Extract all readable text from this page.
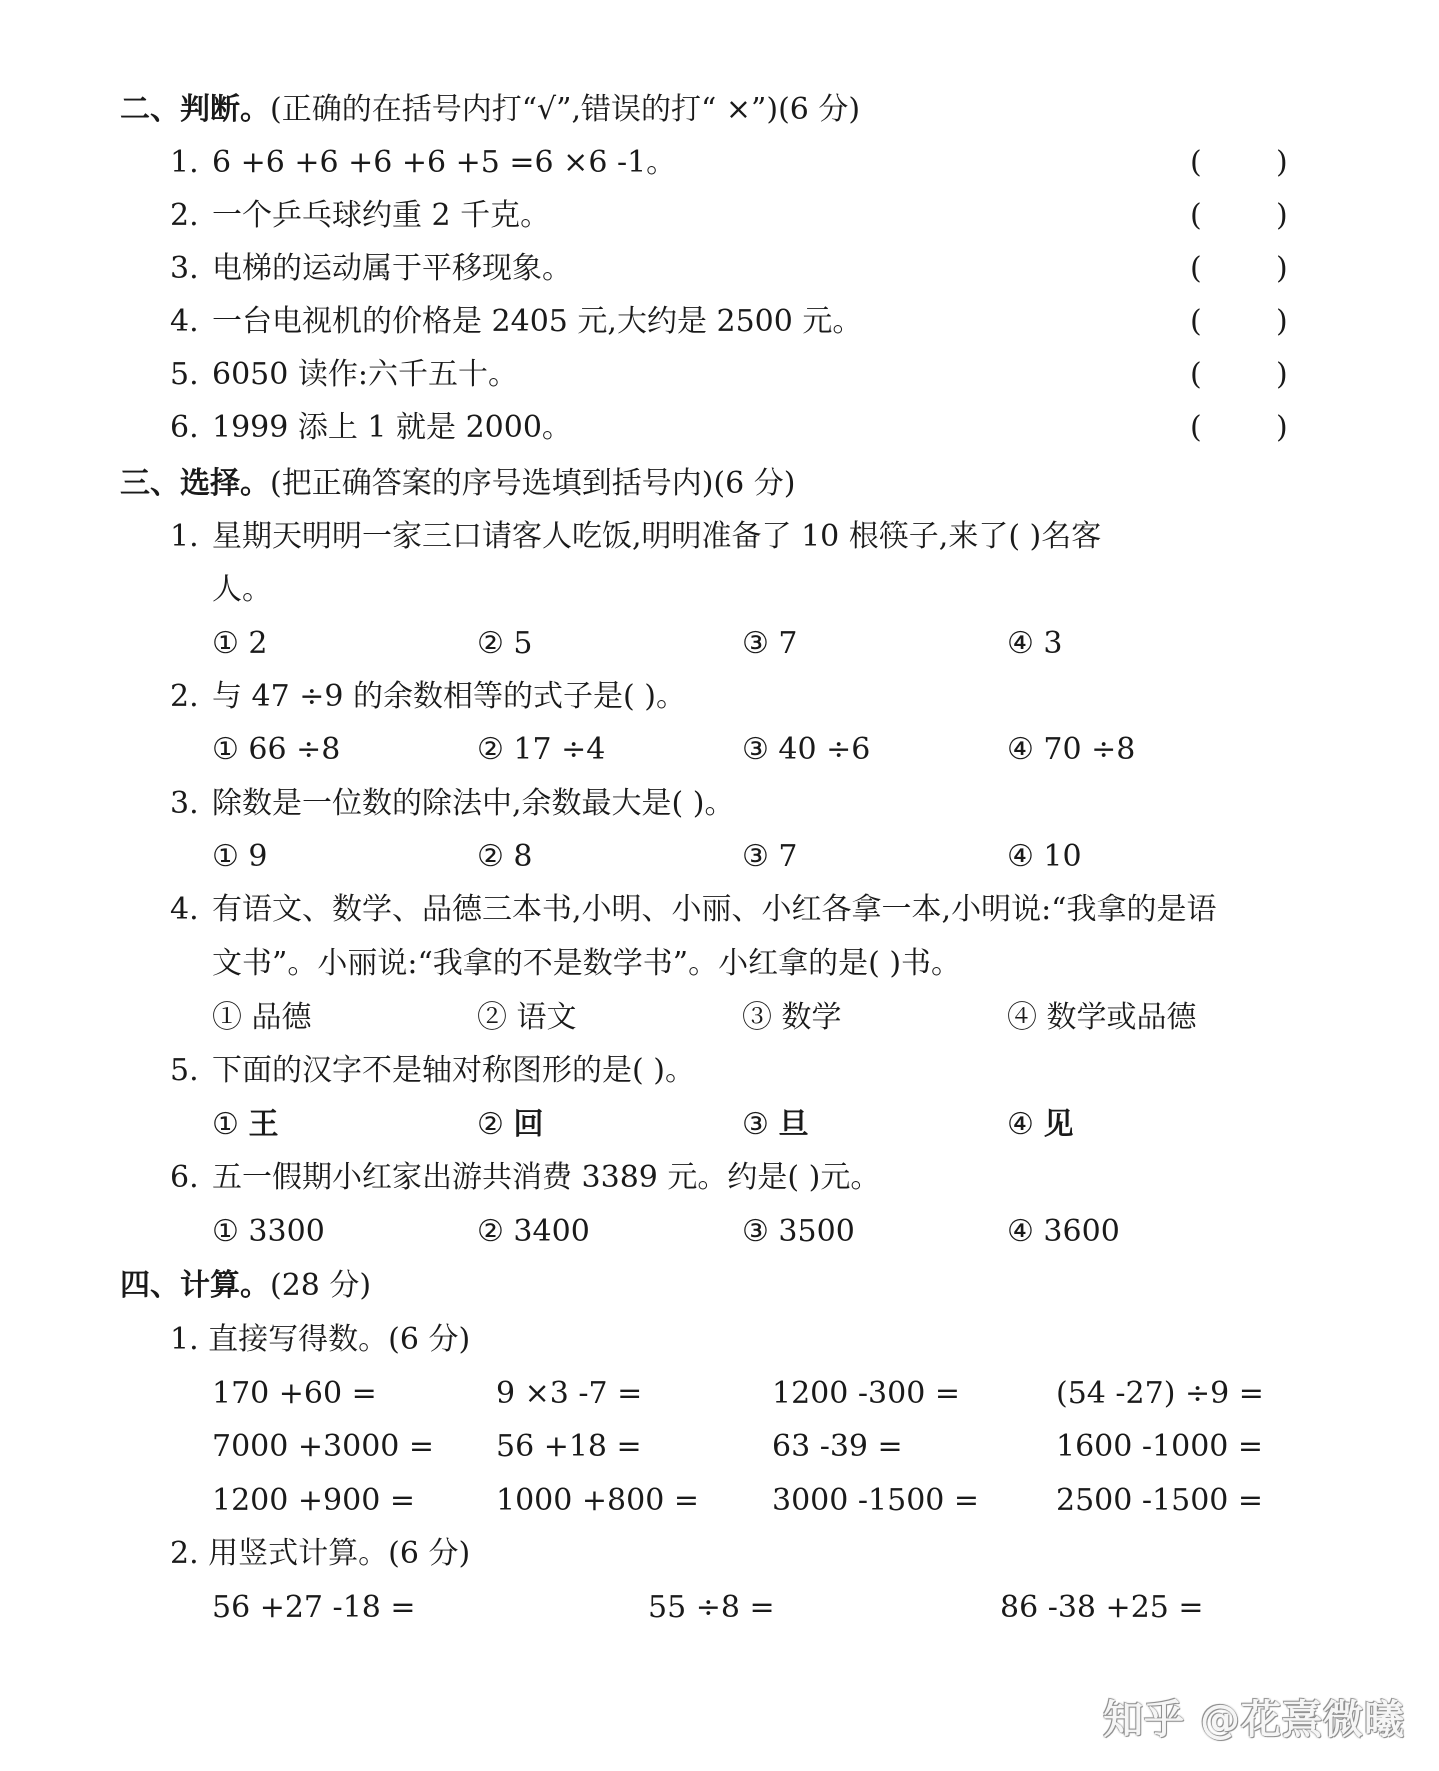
二、判断。(正确的在括号内打“√”,错误的打“ ×”)(6 分)
1. 6 +6 +6 +6 +6 +5 =6 ×6 -1。	( )
2. 一个乒乓球约重 2 千克。	( )
3. 电梯的运动属于平移现象。	( )
4. 一台电视机的价格是 2405 元,大约是 2500 元。	( )
5. 6050 读作:六千五十。	( )
6. 1999 添上 1 就是 2000。	( )
三、选择。(把正确答案的序号选填到括号内)(6 分)
1. 星期天明明一家三口请客人吃饭,明明准备了 10 根筷子,来了( )名客
人。
① 2	② 5	③ 7	④ 3
2. 与 47 ÷9 的余数相等的式子是( )。
① 66 ÷8	② 17 ÷4	③ 40 ÷6	④ 70 ÷8
3. 除数是一位数的除法中,余数最大是( )。
① 9	② 8	③ 7	④ 10
4. 有语文、数学、品德三本书,小明、小丽、小红各拿一本,小明说:“我拿的是语
文书”。小丽说:“我拿的不是数学书”。小红拿的是( )书。
① 品德	② 语文	③ 数学	④ 数学或品德
5. 下面的汉字不是轴对称图形的是( )。
① 王	② 回	③ 旦	④ 见
6. 五一假期小红家出游共消费 3389 元。约是( )元。
① 3300	② 3400	③ 3500	④ 3600
四、计算。(28 分)
1. 直接写得数。(6 分)
170 +60 =	9 ×3 -7 =	1200 -300 =	(54 -27) ÷9 =
7000 +3000 = 56 +18 =	63 -39 =	1600 -1000 =
1200 +900 =	1000 +800 = 3000 -1500 =	2500 -1500 =
2. 用竖式计算。(6 分)
56 +27 -18 =	55 ÷8 =	86 -38 +25 =
知乎 @花熹微曦
